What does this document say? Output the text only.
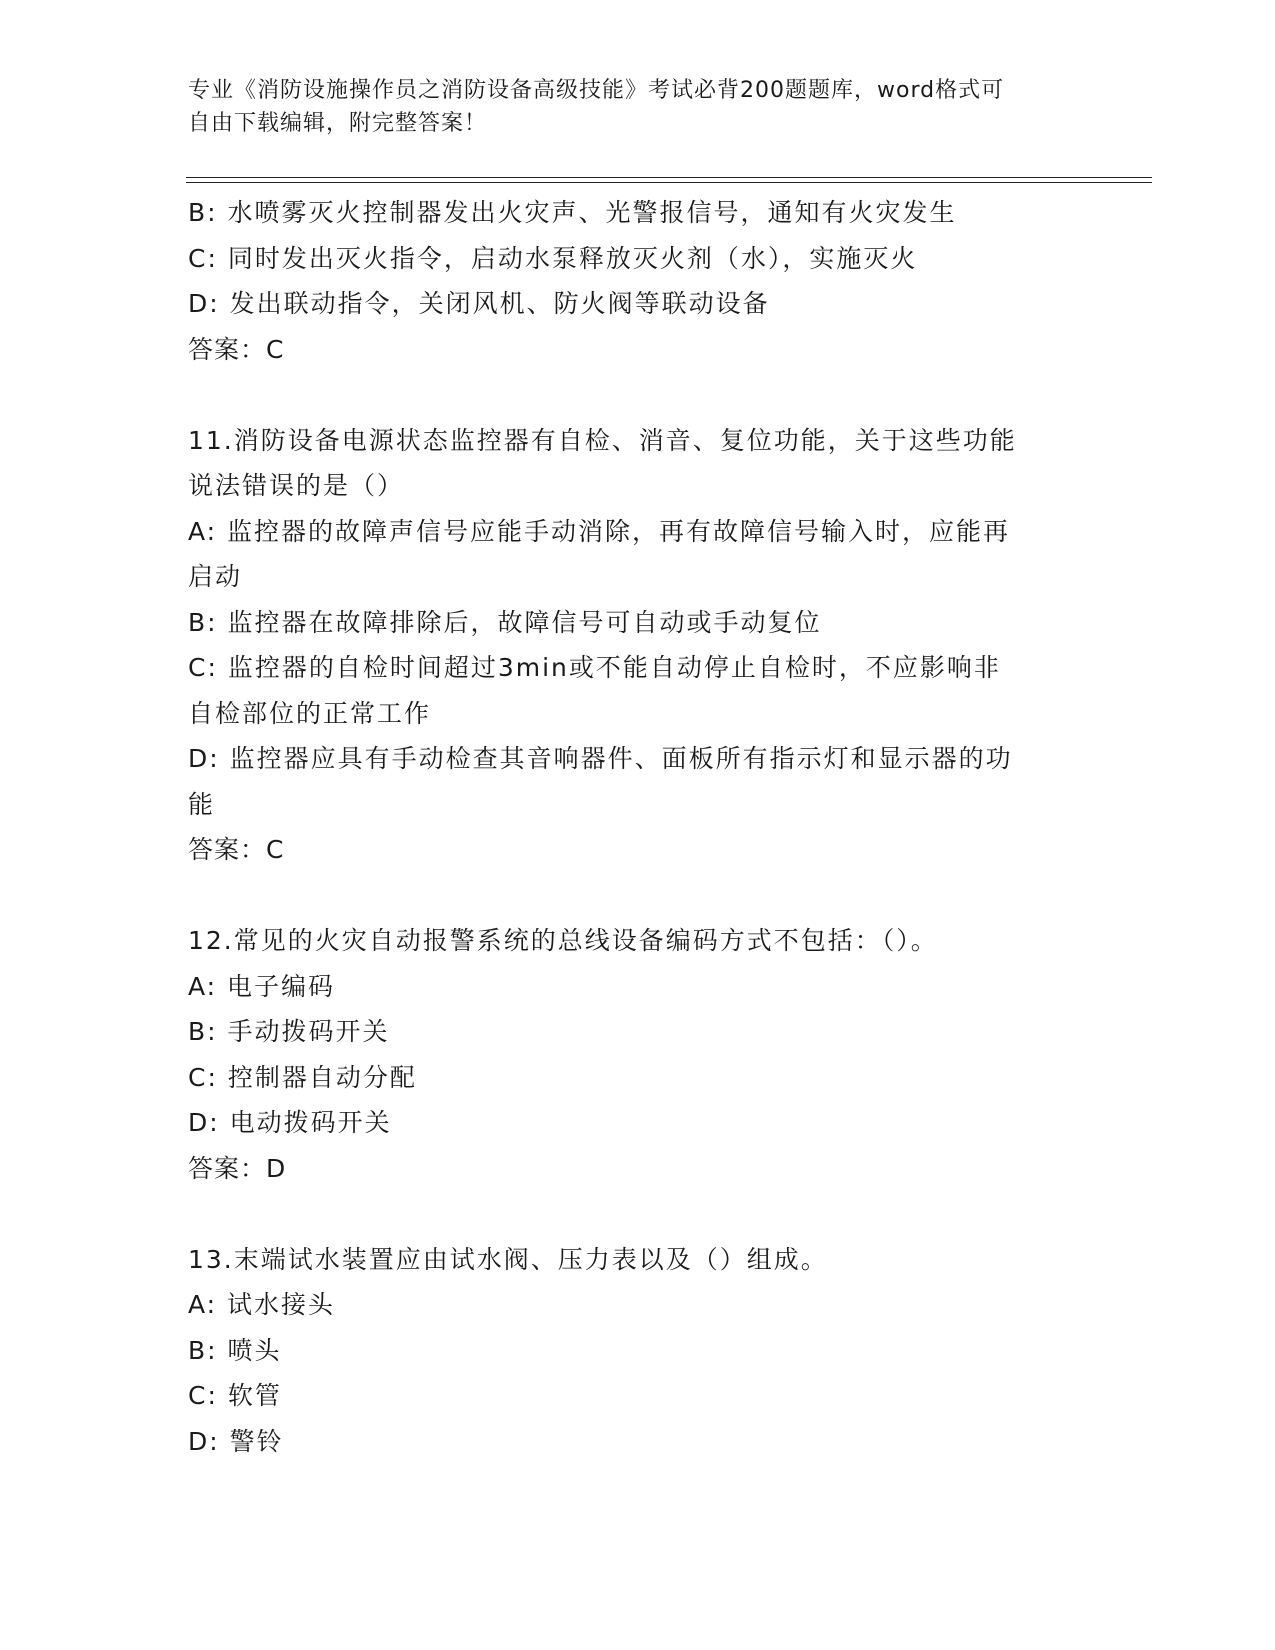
专业《消防设施操作员之消防设备高级技能》考试必背200题题库，word格式可
自由下载编辑，附完整答案！
B: 水喷雾灭火控制器发出火灾声、光警报信号，通知有火灾发生
C: 同时发出灭火指令，启动水泵释放灭火剂（水），实施灭火
D: 发出联动指令，关闭风机、防火阀等联动设备
答案：C
11.消防设备电源状态监控器有自检、消音、复位功能，关于这些功能
说法错误的是（）
A: 监控器的故障声信号应能手动消除，再有故障信号输入时，应能再
启动
B: 监控器在故障排除后，故障信号可自动或手动复位
C: 监控器的自检时间超过3min或不能自动停止自检时，不应影响非
自检部位的正常工作
D: 监控器应具有手动检查其音响器件、面板所有指示灯和显示器的功
能
答案：C
12.常见的火灾自动报警系统的总线设备编码方式不包括：（）。
A: 电子编码
B: 手动拨码开关
C: 控制器自动分配
D: 电动拨码开关
答案：D
13.末端试水装置应由试水阀、压力表以及（）组成。
A: 试水接头
B: 喷头
C: 软管
D: 警铃
